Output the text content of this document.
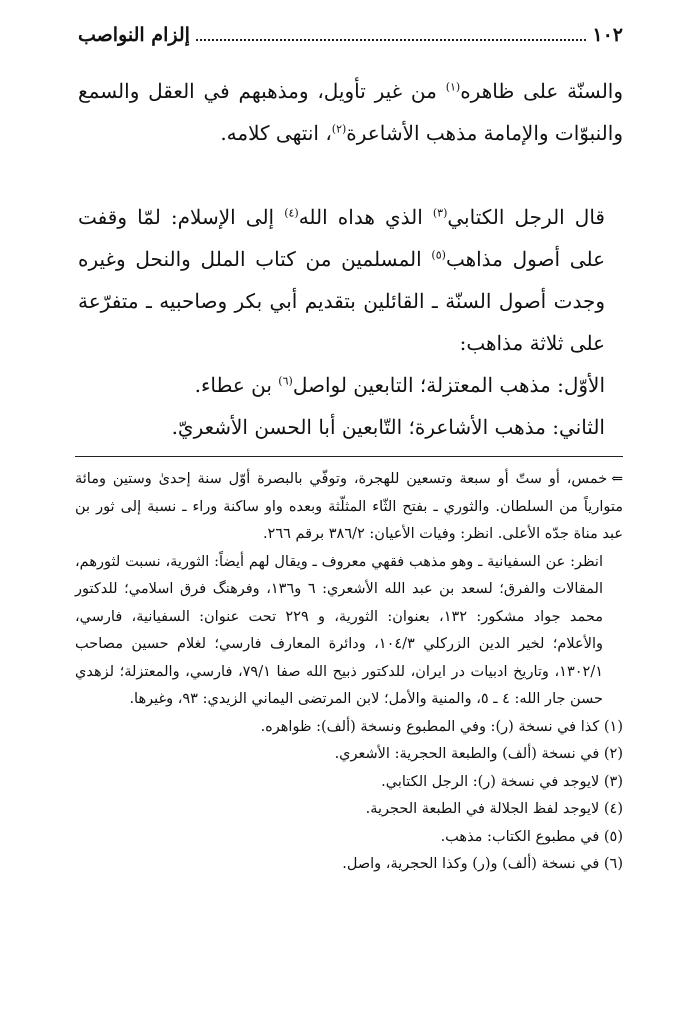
١٠٢
إلزام النواصب

والسنّة على ظاهره$^{(١)}$ من غير تأويل، ومذهبهم في العقل والسمع والنبوّات والإمامة مذهب الأشاعرة$^{(٢)}$، انتهى كلامه.

قال الرجل الكتابي$^{(٣)}$ الذي هداه الله$^{(٤)}$ إلى الإسلام: لمّا وقفت على أصول مذاهب$^{(٥)}$ المسلمين من كتاب الملل والنحل وغيره وجدت أصول السنّة ـ القائلين بتقديم أبي بكر وصاحبيه ـ متفرّعة على ثلاثة مذاهب:

الأوّل: مذهب المعتزلة؛ التابعين لواصل$^{(٦)}$ بن عطاء.

الثاني: مذهب الأشاعرة؛ التّابعين أبا الحسن الأشعريّ.

⇐خمس، أو ستّ أو سبعة وتسعين للهجرة، وتوفّي بالبصرة أوّل سنة إحدىٰ وستين ومائة متوارياً من السلطان. والثوري ـ بفتح الثّاء المثلّثة وبعده واو ساكنة وراء ـ نسبة إلى ثور بن عبد مناة جدّه الأعلى. انظر: وفيات الأعيان: ٣٨٦/٢ برقم ٢٦٦.

انظر: عن السفيانية ـ وهو مذهب فقهي معروف ـ ويقال لهم أيضاً: الثورية، نسبت لثورهم، المقالات والفرق؛ لسعد بن عبد الله الأشعري: ٦ و١٣٦، وفرهنگ فرق اسلامي؛ للدكتور محمد جواد مشكور: ١٣٢، بعنوان: الثورية، و ٢٢٩ تحت عنوان: السفيانية، فارسي، والأعلام؛ لخير الدين الزركلي ١٠٤/٣، ودائرة المعارف فارسي؛ لغلام حسين مصاحب ١٣٠٢/١، وتاريخ ادبيات در ايران، للدكتور ذبيح الله صفا ٧٩/١، فارسي، والمعتزلة؛ لزهدي حسن جار الله: ٤ ـ ٥، والمنية والأمل؛ لابن المرتضى اليماني الزيدي: ٩٣، وغيرها.

(١) كذا في نسخة (ر): وفي المطبوع ونسخة (ألف): ظواهره.

(٢) في نسخة (ألف) والطبعة الحجرية: الأشعري.

(٣) لايوجد في نسخة (ر): الرجل الكتابي.

(٤) لايوجد لفظ الجلالة في الطبعة الحجرية.

(٥) في مطبوع الكتاب: مذهب.

(٦) في نسخة (ألف) و(ر) وكذا الحجرية، واصل.
